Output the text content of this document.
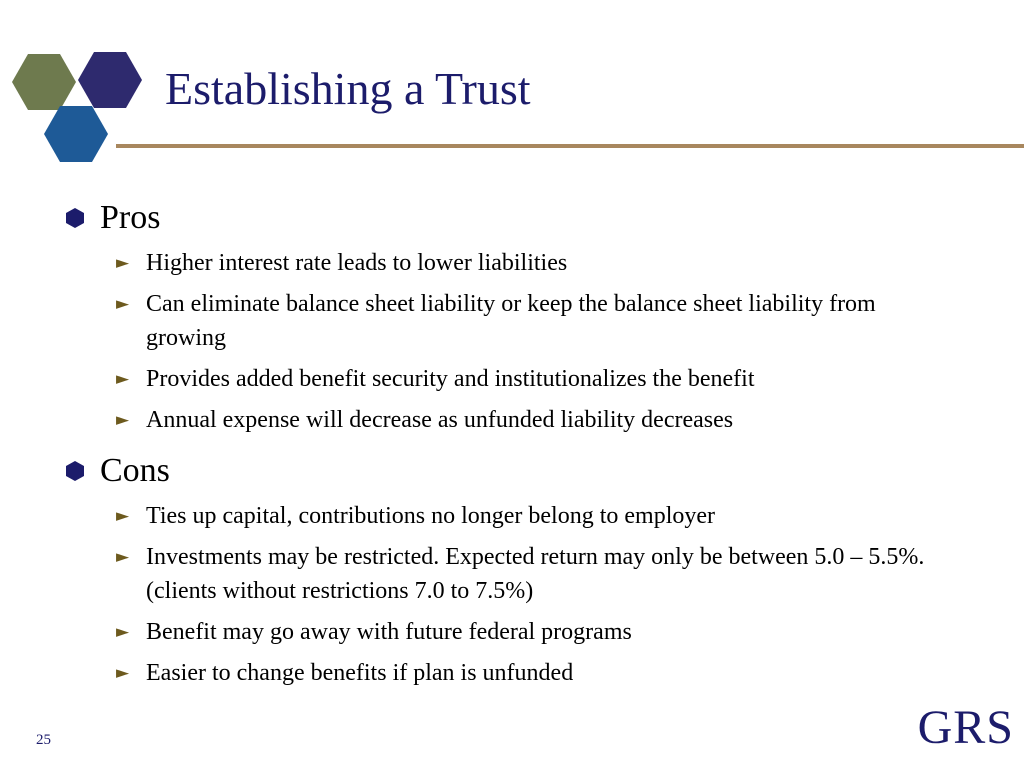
Establishing a Trust
Pros
► Higher interest rate leads to lower liabilities
► Can eliminate balance sheet liability or keep the balance sheet liability from growing
► Provides added benefit security and institutionalizes the benefit
► Annual expense will decrease as unfunded liability decreases
Cons
► Ties up capital, contributions no longer belong to employer
► Investments may be restricted. Expected return may only be between 5.0 – 5.5%. (clients without restrictions 7.0 to 7.5%)
► Benefit may go away with future federal programs
► Easier to change benefits if plan is unfunded
25	GRS
